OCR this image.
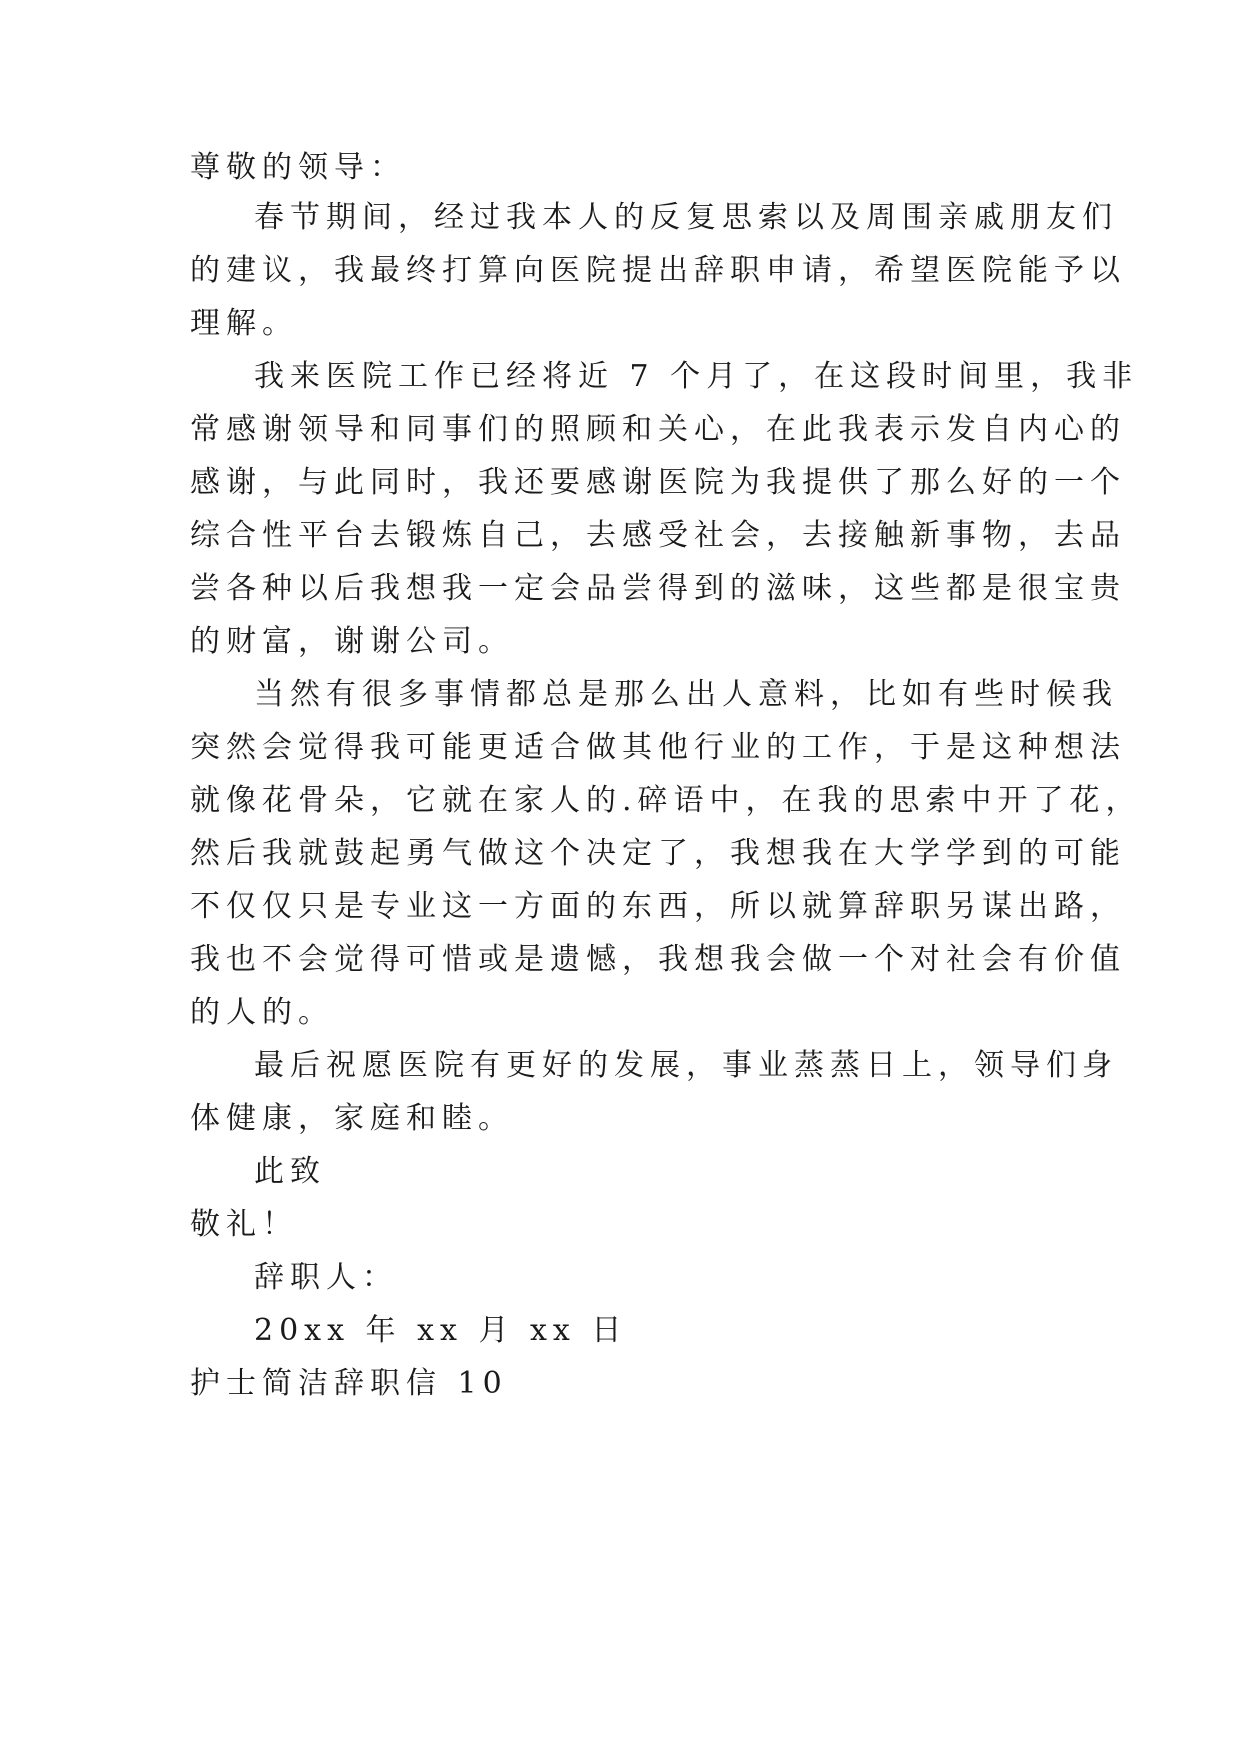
尊敬的领导：
春节期间，经过我本人的反复思索以及周围亲戚朋友们
的建议，我最终打算向医院提出辞职申请，希望医院能予以
理解。
我来医院工作已经将近 7 个月了，在这段时间里，我非
常感谢领导和同事们的照顾和关心，在此我表示发自内心的
感谢，与此同时，我还要感谢医院为我提供了那么好的一个
综合性平台去锻炼自己，去感受社会，去接触新事物，去品
尝各种以后我想我一定会品尝得到的滋味，这些都是很宝贵
的财富，谢谢公司。
当然有很多事情都总是那么出人意料，比如有些时候我
突然会觉得我可能更适合做其他行业的工作，于是这种想法
就像花骨朵，它就在家人的.碎语中，在我的思索中开了花，
然后我就鼓起勇气做这个决定了，我想我在大学学到的可能
不仅仅只是专业这一方面的东西，所以就算辞职另谋出路，
我也不会觉得可惜或是遗憾，我想我会做一个对社会有价值
的人的。
最后祝愿医院有更好的发展，事业蒸蒸日上，领导们身
体健康，家庭和睦。
此致
敬礼！
辞职人：
20xx 年 xx 月 xx 日
护士简洁辞职信 10
